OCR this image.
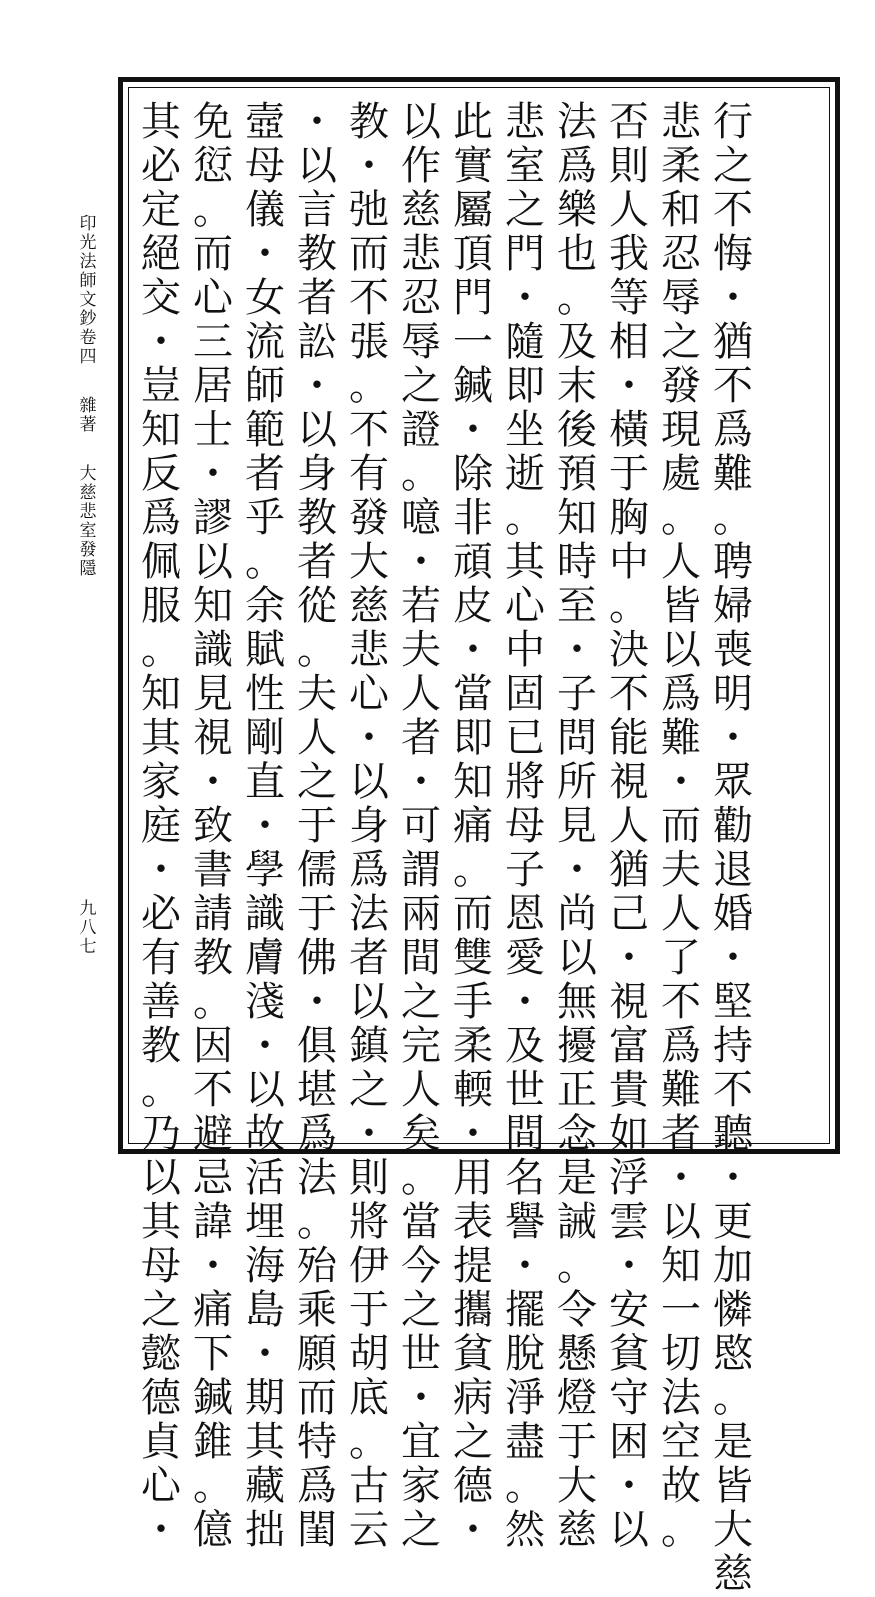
印
光
法
師
文
鈔
卷
四
雜
著
大
慈
悲
室
發
隱
九
八
七
行
之
不
悔
・
猶
不
爲
難
。
聘
婦
喪
明
・
眾
勸
退
婚
・
堅
持
不
聽
・
更
加
憐
愍
。
是
皆
大
慈
悲
柔
和
忍
辱
之
發
現
處
。
人
皆
以
爲
難
・
而
夫
人
了
不
爲
難
者
・
以
知
一
切
法
空
故
。
否
則
人
我
等
相
・
橫
于
胸
中
。
決
不
能
視
人
猶
己
・
視
富
貴
如
浮
雲
・
安
貧
守
困
・
以
法
爲
樂
也
。
及
末
後
預
知
時
至
・
子
問
所
見
・
尚
以
無
擾
正
念
是
誡
。
令
懸
燈
于
大
慈
悲
室
之
門
・
隨
即
坐
逝
。
其
心
中
固
已
將
母
子
恩
愛
・
及
世
間
名
譽
・
擺
脫
淨
盡
。
然
此
實
屬
頂
門
一
鍼
・
除
非
頑
皮
・
當
即
知
痛
。
而
雙
手
柔
輭
・
用
表
提
攜
貧
病
之
德
・
以
作
慈
悲
忍
辱
之
證
。
噫
・
若
夫
人
者
・
可
謂
兩
間
之
完
人
矣
。
當
今
之
世
・
宜
家
之
教
・
弛
而
不
張
。
不
有
發
大
慈
悲
心
・
以
身
爲
法
者
以
鎮
之
・
則
將
伊
于
胡
底
。
古
云
・
以
言
教
者
訟
・
以
身
教
者
從
。
夫
人
之
于
儒
于
佛
・
俱
堪
爲
法
。
殆
乘
願
而
特
爲
閨
壼
母
儀
・
女
流
師
範
者
乎
。
余
賦
性
剛
直
・
學
識
膚
淺
・
以
故
活
埋
海
島
・
期
其
藏
拙
免
愆
。
而
心
三
居
士
・
謬
以
知
識
見
視
・
致
書
請
教
。
因
不
避
忌
諱
・
痛
下
鍼
錐
。
億
其
必
定
絕
交
・
豈
知
反
爲
佩
服
。
知
其
家
庭
・
必
有
善
教
。
乃
以
其
母
之
懿
德
貞
心
・
